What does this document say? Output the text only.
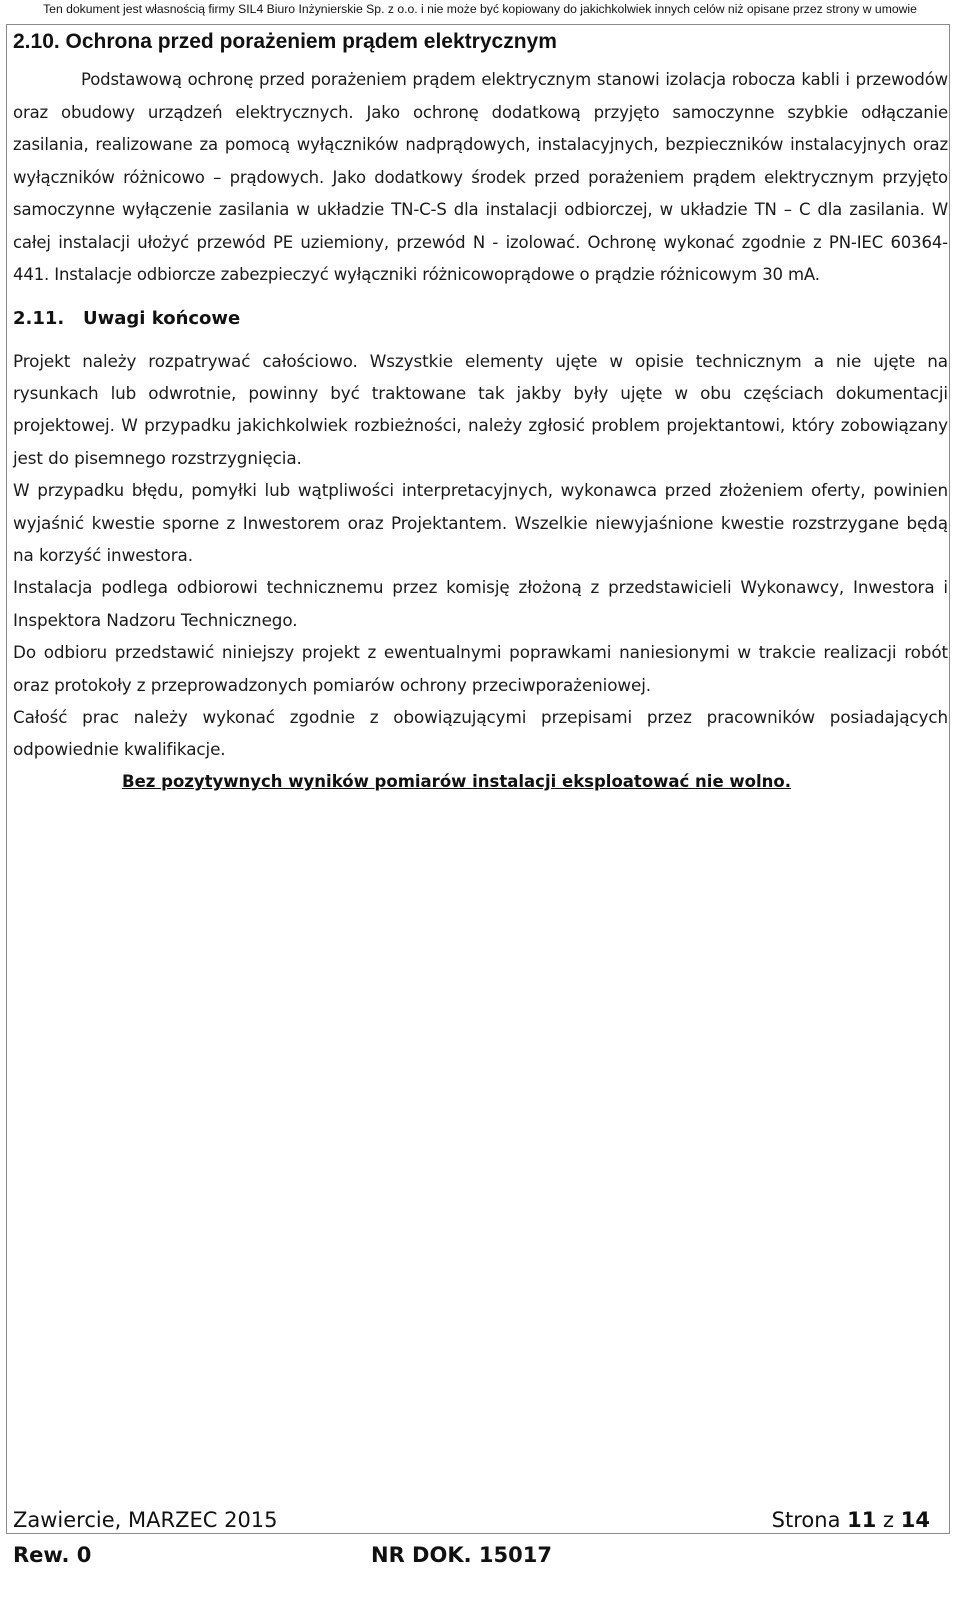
Ten dokument jest własnością firmy SIL4 Biuro Inżynierskie Sp. z o.o. i nie może być kopiowany do jakichkolwiek innych celów niż opisane przez strony w umowie
2.10. Ochrona przed porażeniem prądem elektrycznym

Podstawową ochronę przed porażeniem prądem elektrycznym stanowi izolacja robocza kabli i przewodów oraz obudowy urządzeń elektrycznych. Jako ochronę dodatkową przyjęto samoczynne szybkie odłączanie zasilania, realizowane za pomocą wyłączników nadprądowych, instalacyjnych, bezpieczników instalacyjnych oraz wyłączników różnicowo – prądowych. Jako dodatkowy środek przed porażeniem prądem elektrycznym przyjęto samoczynne wyłączenie zasilania w układzie TN-C-S dla instalacji odbiorczej, w układzie TN – C dla zasilania. W całej instalacji ułożyć przewód PE uziemiony, przewód N - izolować. Ochronę wykonać zgodnie z PN-IEC 60364-441. Instalacje odbiorcze zabezpieczyć wyłączniki różnicowoprądowe o prądzie różnicowym 30 mA.

2.11. Uwagi końcowe

Projekt należy rozpatrywać całościowo. Wszystkie elementy ujęte w opisie technicznym a nie ujęte na rysunkach lub odwrotnie, powinny być traktowane tak jakby były ujęte w obu częściach dokumentacji projektowej. W przypadku jakichkolwiek rozbieżności, należy zgłosić problem projektantowi, który zobowiązany jest do pisemnego rozstrzygnięcia.

W przypadku błędu, pomyłki lub wątpliwości interpretacyjnych, wykonawca przed złożeniem oferty, powinien wyjaśnić kwestie sporne z Inwestorem oraz Projektantem. Wszelkie niewyjaśnione kwestie rozstrzygane będą na korzyść inwestora.

Instalacja podlega odbiorowi technicznemu przez komisję złożoną z przedstawicieli Wykonawcy, Inwestora i Inspektora Nadzoru Technicznego.

Do odbioru przedstawić niniejszy projekt z ewentualnymi poprawkami naniesionymi w trakcie realizacji robót oraz protokoły z przeprowadzonych pomiarów ochrony przeciwporażeniowej.

Całość prac należy wykonać zgodnie z obowiązującymi przepisami przez pracowników posiadających odpowiednie kwalifikacje.

Bez pozytywnych wyników pomiarów instalacji eksploatować nie wolno.

Zawiercie, MARZEC 2015	Strona 11 z 14
Rew. 0	NR DOK. 15017
